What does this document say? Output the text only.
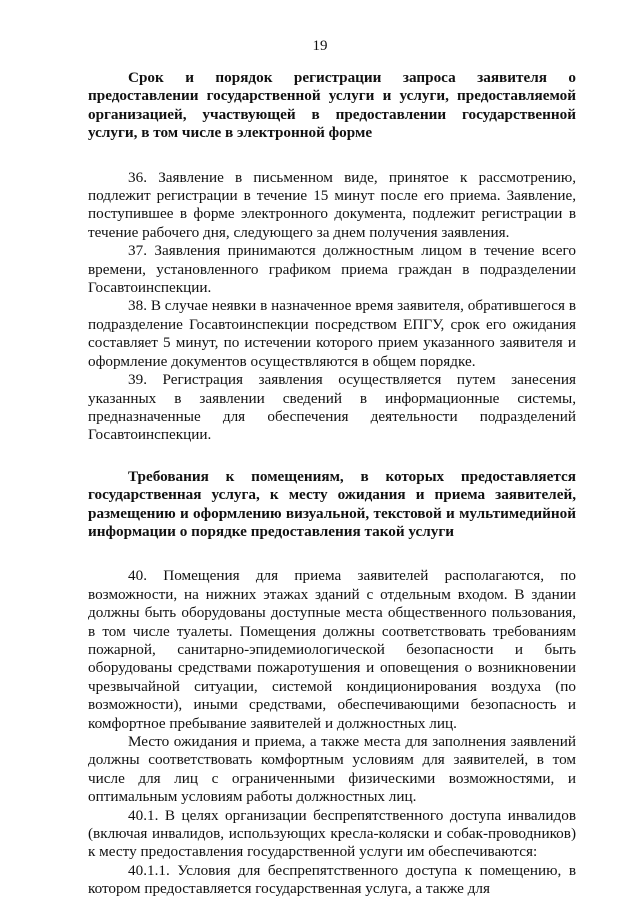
19

Срок и порядок регистрации запроса заявителя о предоставлении государственной услуги и услуги, предоставляемой организацией, участвующей в предоставлении государственной услуги, в том числе в электронной форме

36. Заявление в письменном виде, принятое к рассмотрению, подлежит регистрации в течение 15 минут после его приема. Заявление, поступившее в форме электронного документа, подлежит регистрации в течение рабочего дня, следующего за днем получения заявления.

37. Заявления принимаются должностным лицом в течение всего времени, установленного графиком приема граждан в подразделении Госавтоинспекции.

38. В случае неявки в назначенное время заявителя, обратившегося в подразделение Госавтоинспекции посредством ЕПГУ, срок его ожидания составляет 5 минут, по истечении которого прием указанного заявителя и оформление документов осуществляются в общем порядке.

39. Регистрация заявления осуществляется путем занесения указанных в заявлении сведений в информационные системы, предназначенные для обеспечения деятельности подразделений Госавтоинспекции.

Требования к помещениям, в которых предоставляется государственная услуга, к месту ожидания и приема заявителей, размещению и оформлению визуальной, текстовой и мультимедийной информации о порядке предоставления такой услуги

40. Помещения для приема заявителей располагаются, по возможности, на нижних этажах зданий с отдельным входом. В здании должны быть оборудованы доступные места общественного пользования, в том числе туалеты. Помещения должны соответствовать требованиям пожарной, санитарно-эпидемиологической безопасности и быть оборудованы средствами пожаротушения и оповещения о возникновении чрезвычайной ситуации, системой кондиционирования воздуха (по возможности), иными средствами, обеспечивающими безопасность и комфортное пребывание заявителей и должностных лиц.

Место ожидания и приема, а также места для заполнения заявлений должны соответствовать комфортным условиям для заявителей, в том числе для лиц с ограниченными физическими возможностями, и оптимальным условиям работы должностных лиц.

40.1. В целях организации беспрепятственного доступа инвалидов (включая инвалидов, использующих кресла-коляски и собак-проводников) к месту предоставления государственной услуги им обеспечиваются:

40.1.1. Условия для беспрепятственного доступа к помещению, в котором предоставляется государственная услуга, а также для
